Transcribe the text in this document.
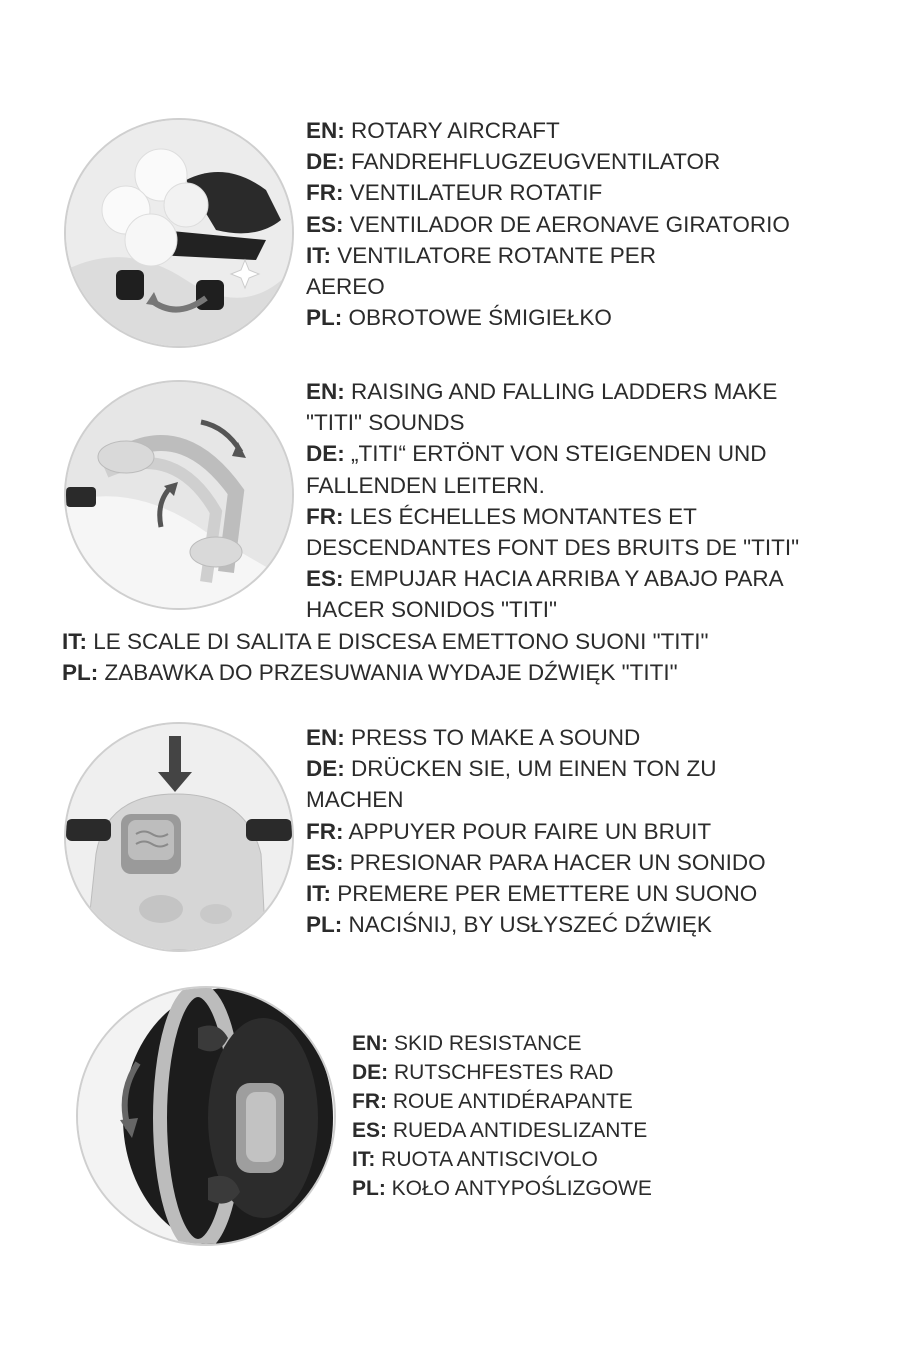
EN: ROTARY AIRCRAFT
DE: FANDREHFLUGZEUGVENTILATOR
FR: VENTILATEUR ROTATIF
ES: VENTILADOR DE AERONAVE GIRATORIO
IT: VENTILATORE ROTANTE PER
AEREO
PL: OBROTOWE ŚMIGIEŁKO
EN: RAISING AND FALLING LADDERS MAKE
"TITI" SOUNDS
DE: „TITI“ ERTÖNT VON STEIGENDEN UND
FALLENDEN LEITERN.
FR: LES ÉCHELLES MONTANTES ET
DESCENDANTES FONT DES BRUITS DE "TITI"
ES: EMPUJAR HACIA ARRIBA Y ABAJO PARA
HACER SONIDOS "TITI"
IT: LE SCALE DI SALITA E DISCESA EMETTONO SUONI "TITI"
PL: ZABAWKA DO PRZESUWANIA WYDAJE DŹWIĘK "TITI"
EN: PRESS TO MAKE A SOUND
DE: DRÜCKEN SIE, UM EINEN TON ZU
MACHEN
FR: APPUYER POUR FAIRE UN BRUIT
ES: PRESIONAR PARA HACER UN SONIDO
IT: PREMERE PER EMETTERE UN SUONO
PL: NACIŚNIJ, BY USŁYSZEĆ DŹWIĘK
EN: SKID RESISTANCE
DE: RUTSCHFESTES RAD
FR: ROUE ANTIDÉRAPANTE
ES: RUEDA ANTIDESLIZANTE
IT: RUOTA ANTISCIVOLO
PL: KOŁO ANTYPOŚLIZGOWE
